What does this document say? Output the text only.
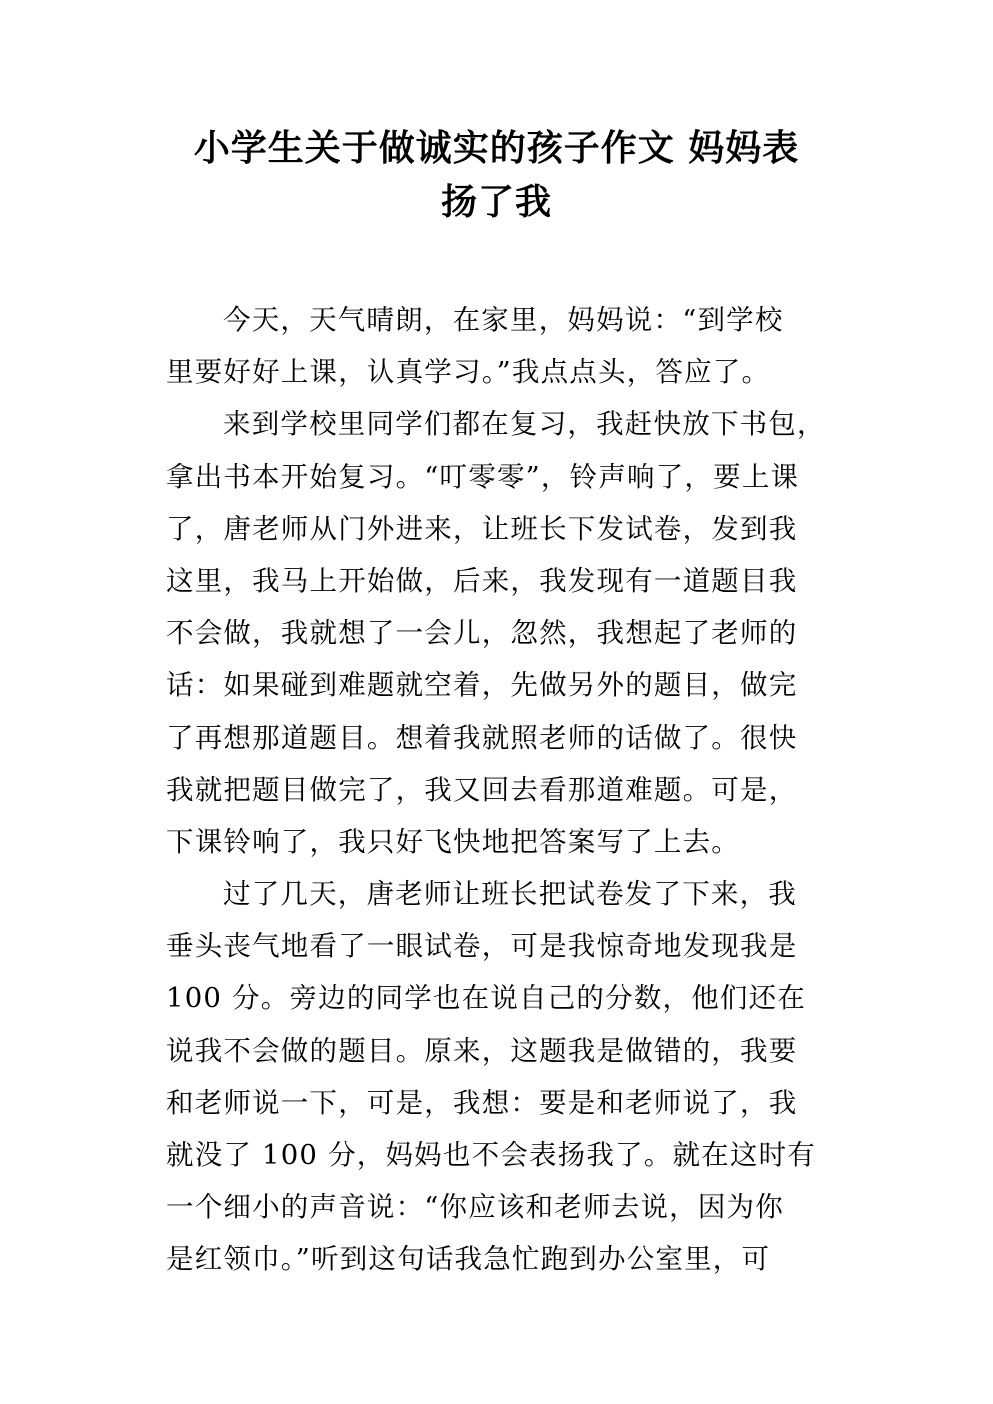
小学生关于做诚实的孩子作文 妈妈表
扬了我
今天，天气晴朗，在家里，妈妈说：“到学校
里要好好上课，认真学习。”我点点头，答应了。
来到学校里同学们都在复习，我赶快放下书包，
拿出书本开始复习。“叮零零”，铃声响了，要上课
了，唐老师从门外进来，让班长下发试卷，发到我
这里，我马上开始做，后来，我发现有一道题目我
不会做，我就想了一会儿，忽然，我想起了老师的
话：如果碰到难题就空着，先做另外的题目，做完
了再想那道题目。想着我就照老师的话做了。很快
我就把题目做完了，我又回去看那道难题。可是，
下课铃响了，我只好飞快地把答案写了上去。
过了几天，唐老师让班长把试卷发了下来，我
垂头丧气地看了一眼试卷，可是我惊奇地发现我是
100 分。旁边的同学也在说自己的分数，他们还在
说我不会做的题目。原来，这题我是做错的，我要
和老师说一下，可是，我想：要是和老师说了，我
就没了 100 分，妈妈也不会表扬我了。就在这时有
一个细小的声音说：“你应该和老师去说，因为你
是红领巾。”听到这句话我急忙跑到办公室里，可
